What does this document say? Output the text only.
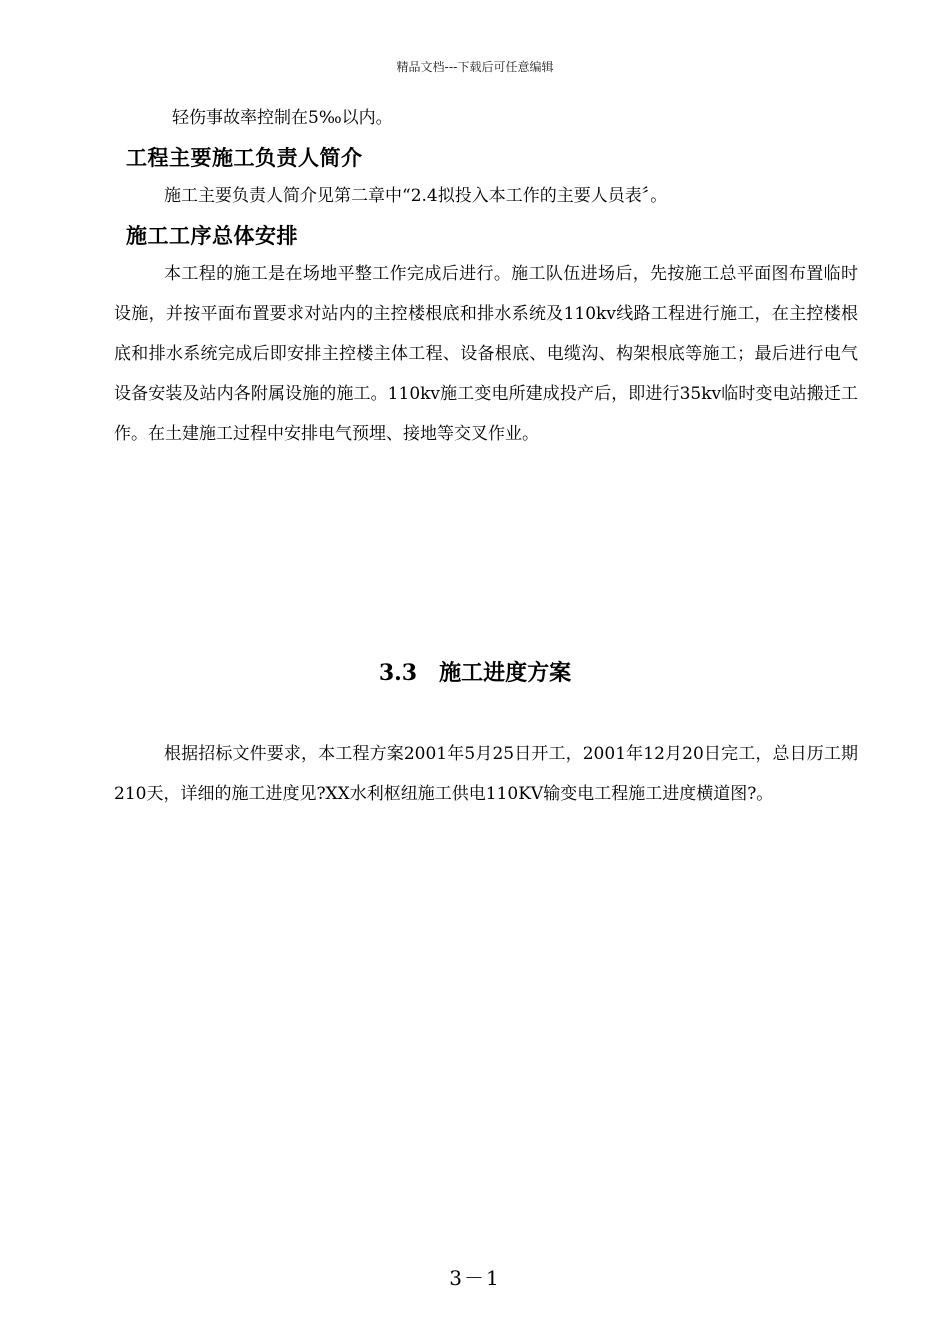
精品文档---下载后可任意编辑
轻伤事故率控制在5‰以内。
工程主要施工负责人简介
施工主要负责人简介见第二章中“2.4拟投入本工作的主要人员表〞。
施工工序总体安排
本工程的施工是在场地平整工作完成后进行。施工队伍进场后，先按施工总平面图布置临时设施，并按平面布置要求对站内的主控楼根底和排水系统及110kv线路工程进行施工，在主控楼根底和排水系统完成后即安排主控楼主体工程、设备根底、电缆沟、构架根底等施工；最后进行电气设备安装及站内各附属设施的施工。110kv施工变电所建成投产后，即进行35kv临时变电站搬迁工作。在土建施工过程中安排电气预埋、接地等交叉作业。
3.3 施工进度方案
根据招标文件要求，本工程方案2001年5月25日开工，2001年12月20日完工，总日历工期210天，详细的施工进度见?XX水利枢纽施工供电110KV输变电工程施工进度横道图?。
3－1
